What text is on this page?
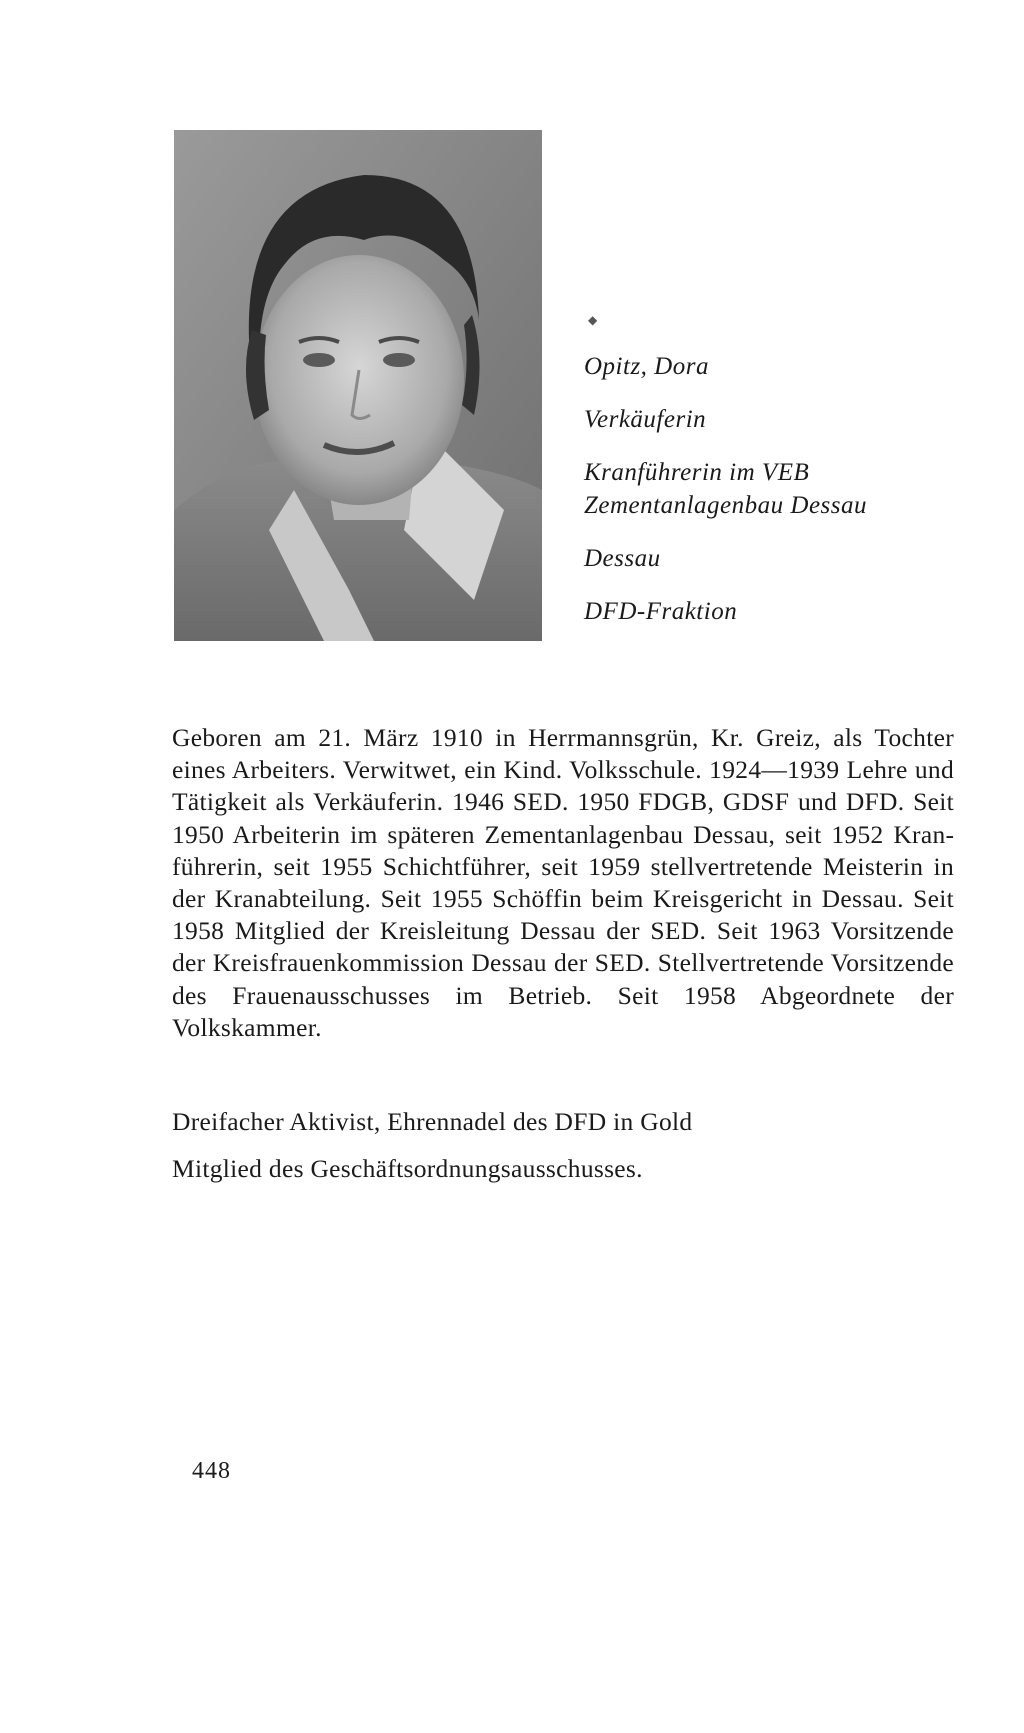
◆
Opitz, Dora
Verkäuferin
Kranführerin im VEB
Zementanlagenbau Dessau
Dessau
DFD-Fraktion
Geboren am 21. März 1910 in Herrmannsgrün, Kr. Greiz, als Tochter eines Arbeiters. Verwitwet, ein Kind. Volksschule. 1924—1939 Lehre und Tätigkeit als Verkäuferin. 1946 SED. 1950 FDGB, GDSF und DFD. Seit 1950 Arbeiterin im späteren Zementanlagenbau Dessau, seit 1952 Kranführerin, seit 1955 Schichtführer, seit 1959 stellvertretende Meisterin in der Kranabteilung. Seit 1955 Schöffin beim Kreisgericht in Dessau. Seit 1958 Mitglied der Kreisleitung Dessau der SED. Seit 1963 Vorsitzende der Kreisfrauenkommission Dessau der SED. Stellvertretende Vorsitzende des Frauenausschusses im Betrieb. Seit 1958 Abgeordnete der Volkskammer.
Dreifacher Aktivist, Ehrennadel des DFD in Gold
Mitglied des Geschäftsordnungsausschusses.
448
